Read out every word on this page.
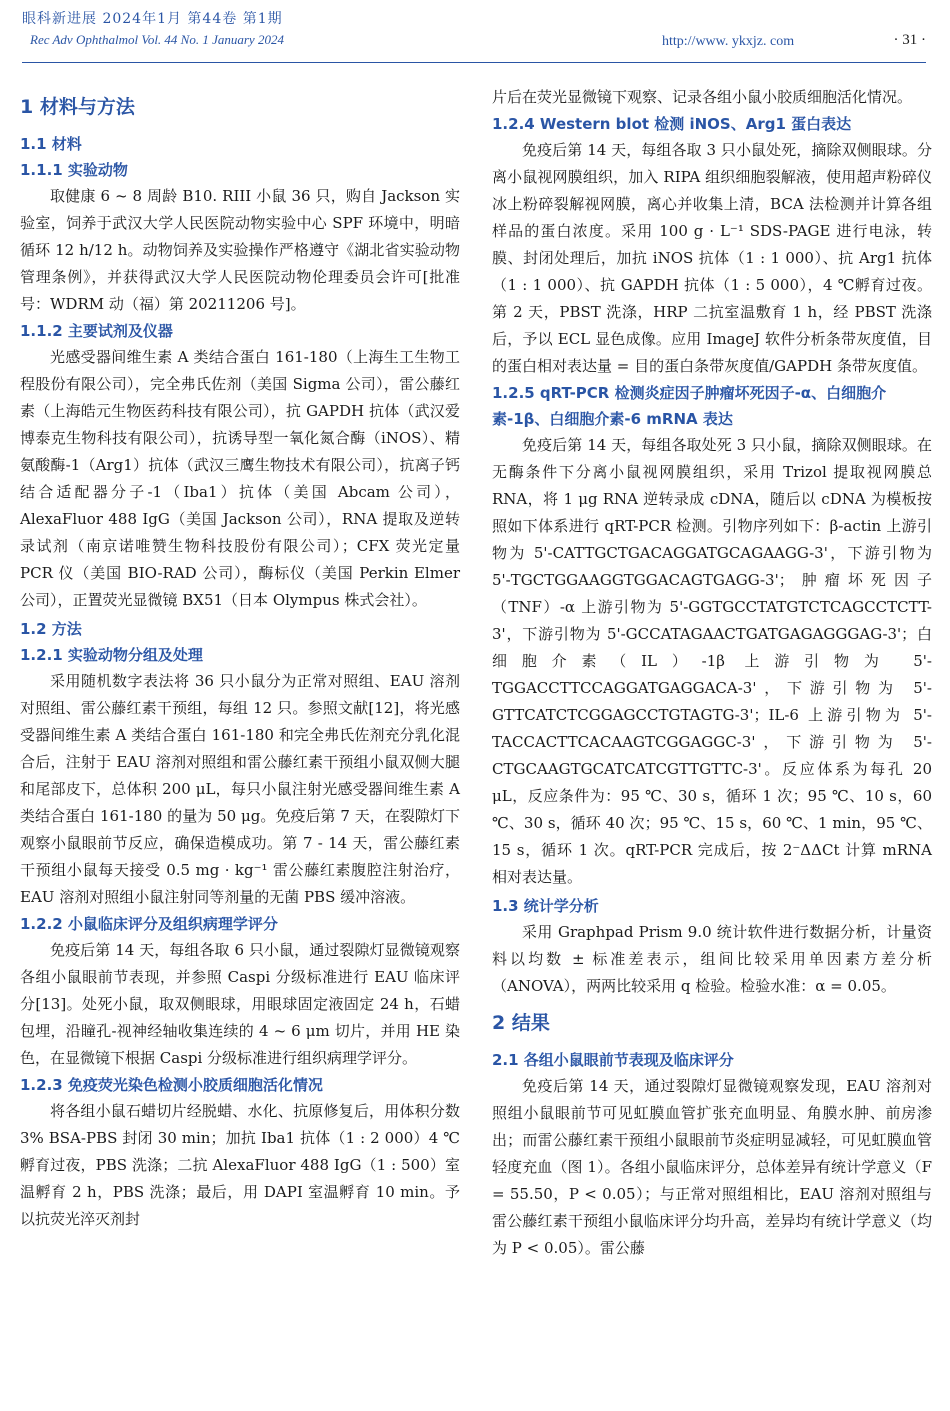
眼科新进展 2024年1月 第44卷 第1期
Rec Adv Ophthalmol Vol. 44 No. 1 January 2024	http://www. ykxjz. com	· 31 ·
1 材料与方法
1.1 材料
1.1.1 实验动物

取健康 6 ~ 8 周龄 B10. RIII 小鼠 36 只，购自 Jackson 实验室，饲养于武汉大学人民医院动物实验中心 SPF 环境中，明暗循环 12 h/12 h。动物饲养及实验操作严格遵守《湖北省实验动物管理条例》，并获得武汉大学人民医院动物伦理委员会许可[批准号：WDRM 动（福）第 20211206 号]。

1.1.2 主要试剂及仪器

光感受器间维生素 A 类结合蛋白 161-180（上海生工生物工程股份有限公司），完全弗氏佐剂（美国 Sigma 公司），雷公藤红素（上海皓元生物医药科技有限公司），抗 GAPDH 抗体（武汉爱博泰克生物科技有限公司），抗诱导型一氧化氮合酶（iNOS）、精氨酸酶-1（Arg1）抗体（武汉三鹰生物技术有限公司），抗离子钙结合适配器分子-1（Iba1）抗体（美国 Abcam 公司），AlexaFluor 488 IgG（美国 Jackson 公司），RNA 提取及逆转录试剂（南京诺唯赞生物科技股份有限公司）；CFX 荧光定量 PCR 仪（美国 BIO-RAD 公司），酶标仪（美国 Perkin Elmer 公司），正置荧光显微镜 BX51（日本 Olympus 株式会社）。

1.2 方法
1.2.1 实验动物分组及处理

采用随机数字表法将 36 只小鼠分为正常对照组、EAU 溶剂对照组、雷公藤红素干预组，每组 12 只。参照文献[12]，将光感受器间维生素 A 类结合蛋白 161-180 和完全弗氏佐剂充分乳化混合后，注射于 EAU 溶剂对照组和雷公藤红素干预组小鼠双侧大腿和尾部皮下，总体积 200 μL，每只小鼠注射光感受器间维生素 A 类结合蛋白 161-180 的量为 50 μg。免疫后第 7 天，在裂隙灯下观察小鼠眼前节反应，确保造模成功。第 7 - 14 天，雷公藤红素干预组小鼠每天接受 0.5 mg · kg⁻¹ 雷公藤红素腹腔注射治疗，EAU 溶剂对照组小鼠注射同等剂量的无菌 PBS 缓冲溶液。

1.2.2 小鼠临床评分及组织病理学评分

免疫后第 14 天，每组各取 6 只小鼠，通过裂隙灯显微镜观察各组小鼠眼前节表现，并参照 Caspi 分级标准进行 EAU 临床评分[13]。处死小鼠，取双侧眼球，用眼球固定液固定 24 h，石蜡包埋，沿瞳孔-视神经轴收集连续的 4 ~ 6 μm 切片，并用 HE 染色，在显微镜下根据 Caspi 分级标准进行组织病理学评分。

1.2.3 免疫荧光染色检测小胶质细胞活化情况

将各组小鼠石蜡切片经脱蜡、水化、抗原修复后，用体积分数 3% BSA-PBS 封闭 30 min；加抗 Iba1 抗体（1 : 2 000）4 ℃孵育过夜，PBS 洗涤；二抗 AlexaFluor 488 IgG（1 : 500）室温孵育 2 h，PBS 洗涤；最后，用 DAPI 室温孵育 10 min。予以抗荧光淬灭剂封

片后在荧光显微镜下观察、记录各组小鼠小胶质细胞活化情况。

1.2.4 Western blot 检测 iNOS、Arg1 蛋白表达

免疫后第 14 天，每组各取 3 只小鼠处死，摘除双侧眼球。分离小鼠视网膜组织，加入 RIPA 组织细胞裂解液，使用超声粉碎仪冰上粉碎裂解视网膜，离心并收集上清，BCA 法检测并计算各组样品的蛋白浓度。采用 100 g · L⁻¹ SDS-PAGE 进行电泳，转膜、封闭处理后，加抗 iNOS 抗体（1 : 1 000）、抗 Arg1 抗体（1 : 1 000）、抗 GAPDH 抗体（1 : 5 000），4 ℃孵育过夜。第 2 天，PBST 洗涤，HRP 二抗室温敷育 1 h，经 PBST 洗涤后，予以 ECL 显色成像。应用 ImageJ 软件分析条带灰度值，目的蛋白相对表达量 = 目的蛋白条带灰度值/GAPDH 条带灰度值。

1.2.5 qRT-PCR 检测炎症因子肿瘤坏死因子-α、白细胞介素-1β、白细胞介素-6 mRNA 表达

免疫后第 14 天，每组各取处死 3 只小鼠，摘除双侧眼球。在无酶条件下分离小鼠视网膜组织，采用 Trizol 提取视网膜总 RNA，将 1 μg RNA 逆转录成 cDNA，随后以 cDNA 为模板按照如下体系进行 qRT-PCR 检测。引物序列如下：β-actin 上游引物为 5'-CATTGCTGACAGGATGCAGAAGG-3'，下游引物为 5'-TGCTGGAAGGTGGACAGTGAGG-3'；肿瘤坏死因子（TNF）-α 上游引物为 5'-GGTGCCTATGTCTCAGCCTCTT-3'，下游引物为 5'-GCCATAGAACTGATGAGAGGGAG-3'；白细胞介素（IL）-1β 上游引物为 5'-TGGACCTTCCAGGATGAGGACA-3'，下游引物为 5'-GTTCATCTCGGAGCCTGTAGTG-3'；IL-6 上游引物为 5'-TACCACTTCACAAGTCGGAGGC-3'，下游引物为 5'-CTGCAAGTGCATCATCGTTGTTC-3'。反应体系为每孔 20 μL，反应条件为：95 ℃、30 s，循环 1 次；95 ℃、10 s，60 ℃、30 s，循环 40 次；95 ℃、15 s，60 ℃、1 min，95 ℃、15 s，循环 1 次。qRT-PCR 完成后，按 2⁻ΔΔCt 计算 mRNA 相对表达量。

1.3 统计学分析

采用 Graphpad Prism 9.0 统计软件进行数据分析，计量资料以均数 ± 标准差表示，组间比较采用单因素方差分析（ANOVA），两两比较采用 q 检验。检验水准：α = 0.05。

2 结果
2.1 各组小鼠眼前节表现及临床评分

免疫后第 14 天，通过裂隙灯显微镜观察发现，EAU 溶剂对照组小鼠眼前节可见虹膜血管扩张充血明显、角膜水肿、前房渗出；而雷公藤红素干预组小鼠眼前节炎症明显减轻，可见虹膜血管轻度充血（图 1）。各组小鼠临床评分，总体差异有统计学意义（F = 55.50，P < 0.05）；与正常对照组相比，EAU 溶剂对照组与雷公藤红素干预组小鼠临床评分均升高，差异均有统计学意义（均为 P < 0.05）。雷公藤
